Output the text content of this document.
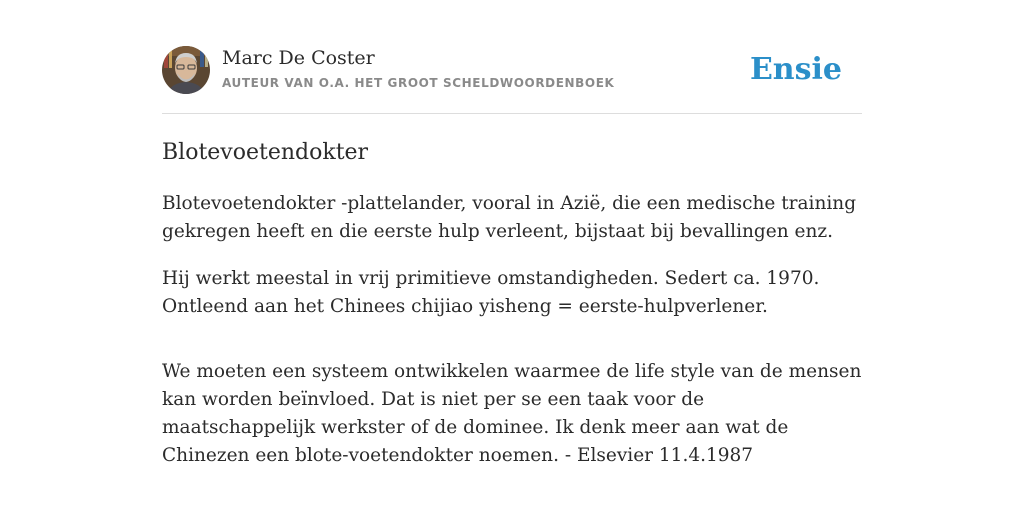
Marc De Coster
AUTEUR VAN O.A. HET GROOT SCHELDWOORDENBOEK	Ensie
Blotevoetendokter

Blotevoetendokter -plattelander, vooral in Azië, die een medische training gekregen heeft en die eerste hulp verleent, bijstaat bij bevallingen enz.

Hij werkt meestal in vrij primitieve omstandigheden. Sedert ca. 1970. Ontleend aan het Chinees chijiao yisheng = eerste-hulpverlener.

We moeten een systeem ontwikkelen waarmee de life style van de mensen kan worden beïnvloed. Dat is niet per se een taak voor de maatschappelijk werkster of de dominee. Ik denk meer aan wat de Chinezen een blote-voetendokter noemen. - Elsevier 11.4.1987
